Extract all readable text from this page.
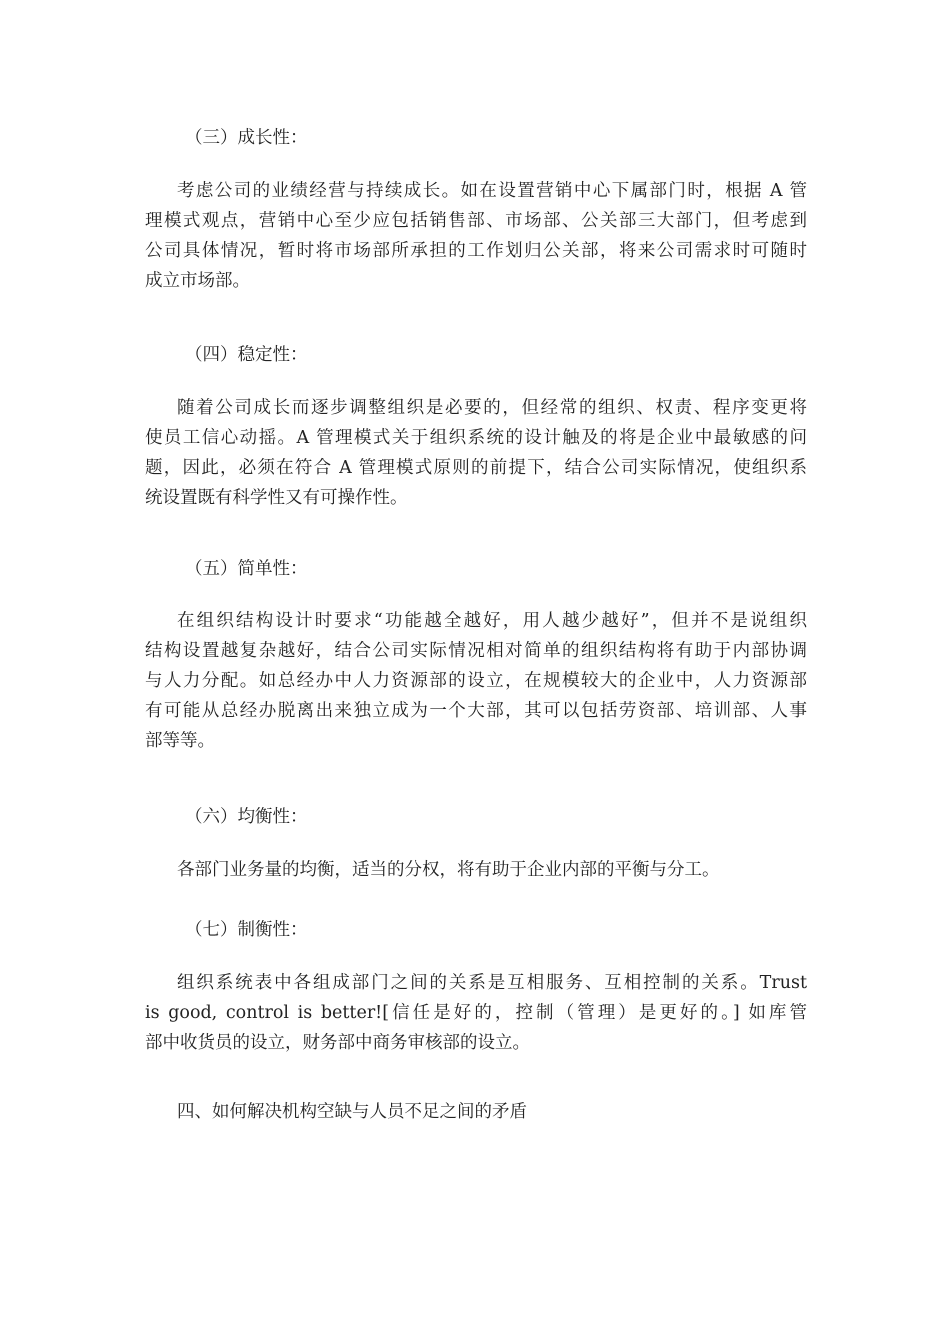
（三）成长性：
考虑公司的业绩经营与持续成长。如在设置营销中心下属部门时，根据 A 管
理模式观点，营销中心至少应包括销售部、市场部、公关部三大部门，但考虑到
公司具体情况，暂时将市场部所承担的工作划归公关部，将来公司需求时可随时
成立市场部。
（四）稳定性：
随着公司成长而逐步调整组织是必要的，但经常的组织、权责、程序变更将
使员工信心动摇。A 管理模式关于组织系统的设计触及的将是企业中最敏感的问
题，因此，必须在符合 A 管理模式原则的前提下，结合公司实际情况，使组织系
统设置既有科学性又有可操作性。
（五）简单性：
在组织结构设计时要求“功能越全越好，用人越少越好”，但并不是说组织
结构设置越复杂越好，结合公司实际情况相对简单的组织结构将有助于内部协调
与人力分配。如总经办中人力资源部的设立，在规模较大的企业中，人力资源部
有可能从总经办脱离出来独立成为一个大部，其可以包括劳资部、培训部、人事
部等等。
（六）均衡性：
各部门业务量的均衡，适当的分权，将有助于企业内部的平衡与分工。
（七）制衡性：
组织系统表中各组成部门之间的关系是互相服务、互相控制的关系。Trust
is good, control is better![信任是好的，控制（管理）是更好的。] 如库管
部中收货员的设立，财务部中商务审核部的设立。
四、如何解决机构空缺与人员不足之间的矛盾
